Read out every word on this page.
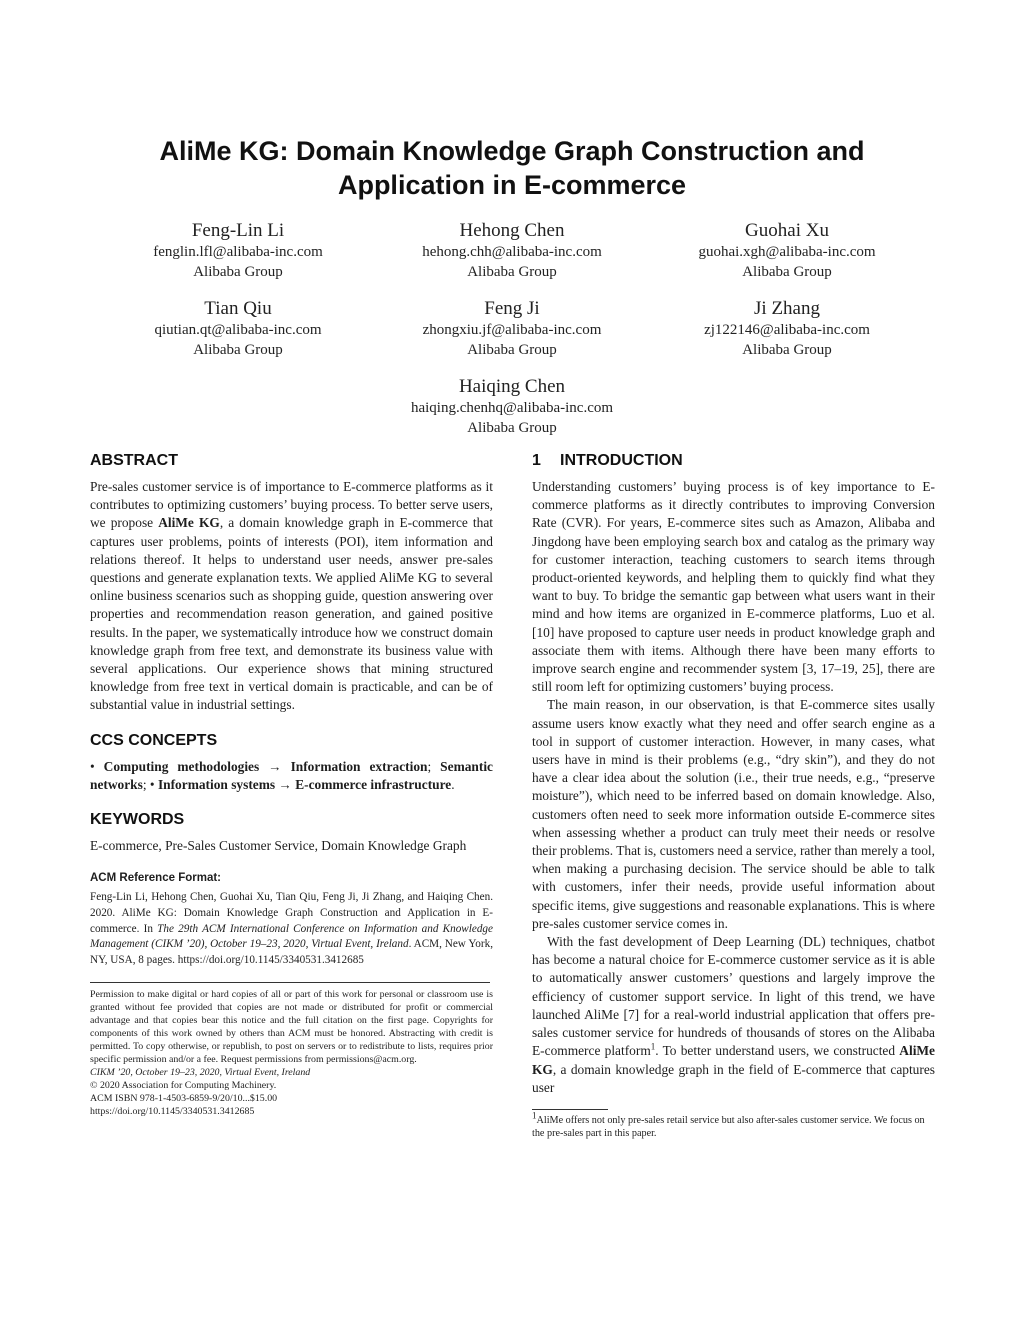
AliMe KG: Domain Knowledge Graph Construction and
Application in E-commerce
Feng-Lin Li
fenglin.lfl@alibaba-inc.com
Alibaba Group
Hehong Chen
hehong.chh@alibaba-inc.com
Alibaba Group
Guohai Xu
guohai.xgh@alibaba-inc.com
Alibaba Group
Tian Qiu
qiutian.qt@alibaba-inc.com
Alibaba Group
Feng Ji
zhongxiu.jf@alibaba-inc.com
Alibaba Group
Ji Zhang
zj122146@alibaba-inc.com
Alibaba Group
Haiqing Chen
haiqing.chenhq@alibaba-inc.com
Alibaba Group
ABSTRACT

Pre-sales customer service is of importance to E-commerce platforms as it contributes to optimizing customers’ buying process. To better serve users, we propose AliMe KG, a domain knowledge graph in E-commerce that captures user problems, points of interests (POI), item information and relations thereof. It helps to understand user needs, answer pre-sales questions and generate explanation texts. We applied AliMe KG to several online business scenarios such as shopping guide, question answering over properties and recommendation reason generation, and gained positive results. In the paper, we systematically introduce how we construct domain knowledge graph from free text, and demonstrate its business value with several applications. Our experience shows that mining structured knowledge from free text in vertical domain is practicable, and can be of substantial value in industrial settings.

CCS CONCEPTS

• Computing methodologies → Information extraction; Semantic networks; • Information systems → E-commerce infrastructure.

KEYWORDS

E-commerce, Pre-Sales Customer Service, Domain Knowledge Graph

ACM Reference Format:

Feng-Lin Li, Hehong Chen, Guohai Xu, Tian Qiu, Feng Ji, Ji Zhang, and Haiqing Chen. 2020. AliMe KG: Domain Knowledge Graph Construction and Application in E-commerce. In The 29th ACM International Conference on Information and Knowledge Management (CIKM ’20), October 19–23, 2020, Virtual Event, Ireland. ACM, New York, NY, USA, 8 pages. https://doi.org/10.1145/3340531.3412685

Permission to make digital or hard copies of all or part of this work for personal or classroom use is granted without fee provided that copies are not made or distributed for profit or commercial advantage and that copies bear this notice and the full citation on the first page. Copyrights for components of this work owned by others than ACM must be honored. Abstracting with credit is permitted. To copy otherwise, or republish, to post on servers or to redistribute to lists, requires prior specific permission and/or a fee. Request permissions from permissions@acm.org.

CIKM ’20, October 19–23, 2020, Virtual Event, Ireland

© 2020 Association for Computing Machinery.

ACM ISBN 978-1-4503-6859-9/20/10...$15.00

https://doi.org/10.1145/3340531.3412685

1 INTRODUCTION

Understanding customers’ buying process is of key importance to E-commerce platforms as it directly contributes to improving Conversion Rate (CVR). For years, E-commerce sites such as Amazon, Alibaba and Jingdong have been employing search box and catalog as the primary way for customer interaction, teaching customers to search items through product-oriented keywords, and helpling them to quickly find what they want to buy. To bridge the semantic gap between what users want in their mind and how items are organized in E-commerce platforms, Luo et al. [10] have proposed to capture user needs in product knowledge graph and associate them with items. Although there have been many efforts to improve search engine and recommender system [3, 17–19, 25], there are still room left for optimizing customers’ buying process.

The main reason, in our observation, is that E-commerce sites usally assume users know exactly what they need and offer search engine as a tool in support of customer interaction. However, in many cases, what users have in mind is their problems (e.g., “dry skin”), and they do not have a clear idea about the solution (i.e., their true needs, e.g., “preserve moisture”), which need to be inferred based on domain knowledge. Also, customers often need to seek more information outside E-commerce sites when assessing whether a product can truly meet their needs or resolve their problems. That is, customers need a service, rather than merely a tool, when making a purchasing decision. The service should be able to talk with customers, infer their needs, provide useful information about specific items, give suggestions and reasonable explanations. This is where pre-sales customer service comes in.

With the fast development of Deep Learning (DL) techniques, chatbot has become a natural choice for E-commerce customer service as it is able to automatically answer customers’ questions and largely improve the efficiency of customer support service. In light of this trend, we have launched AliMe [7] for a real-world industrial application that offers pre-sales customer service for hundreds of thousands of stores on the Alibaba E-commerce platform$^1$. To better understand users, we constructed AliMe KG, a domain knowledge graph in the field of E-commerce that captures user

$^1$AliMe offers not only pre-sales retail service but also after-sales customer service. We focus on the pre-sales part in this paper.
